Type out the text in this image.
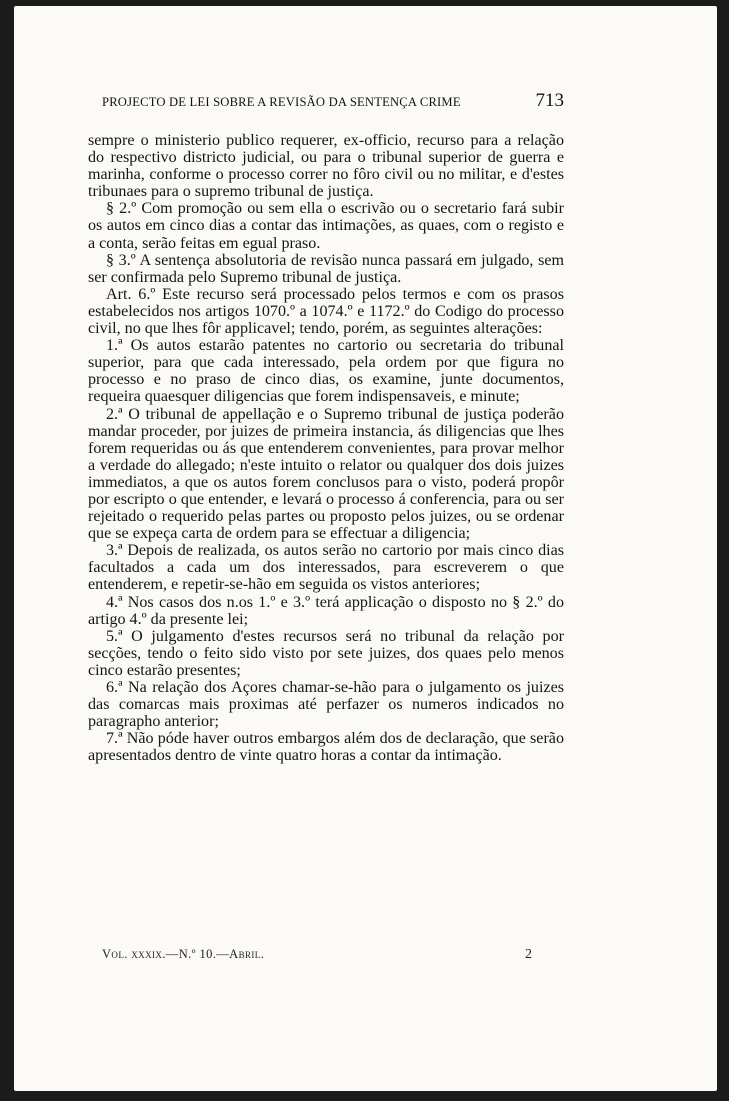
PROJECTO DE LEI SOBRE A REVISÃO DA SENTENÇA CRIME	713

sempre o ministerio publico requerer, ex-officio, recurso para a relação do respectivo districto judicial, ou para o tribunal superior de guerra e marinha, conforme o processo correr no fôro civil ou no militar, e d'estes tribunaes para o supremo tribunal de justiça.

§ 2.º Com promoção ou sem ella o escrivão ou o secretario fará subir os autos em cinco dias a contar das intimações, as quaes, com o registo e a conta, serão feitas em egual praso.

§ 3.º A sentença absolutoria de revisão nunca passará em julgado, sem ser confirmada pelo Supremo tribunal de justiça.

Art. 6.º Este recurso será processado pelos termos e com os prasos estabelecidos nos artigos 1070.º a 1074.º e 1172.º do Codigo do processo civil, no que lhes fôr applicavel; tendo, porém, as seguintes alterações:

1.ª Os autos estarão patentes no cartorio ou secretaria do tribunal superior, para que cada interessado, pela ordem por que figura no processo e no praso de cinco dias, os examine, junte documentos, requeira quaesquer diligencias que forem indispensaveis, e minute;

2.ª O tribunal de appellação e o Supremo tribunal de justiça poderão mandar proceder, por juizes de primeira instancia, ás diligencias que lhes forem requeridas ou ás que entenderem convenientes, para provar melhor a verdade do allegado; n'este intuito o relator ou qualquer dos dois juizes immediatos, a que os autos forem conclusos para o visto, poderá propôr por escripto o que entender, e levará o processo á conferencia, para ou ser rejeitado o requerido pelas partes ou proposto pelos juizes, ou se ordenar que se expeça carta de ordem para se effectuar a diligencia;

3.ª Depois de realizada, os autos serão no cartorio por mais cinco dias facultados a cada um dos interessados, para escreverem o que entenderem, e repetir-se-hão em seguida os vistos anteriores;

4.ª Nos casos dos n.os 1.º e 3.º terá applicação o disposto no § 2.º do artigo 4.º da presente lei;

5.ª O julgamento d'estes recursos será no tribunal da relação por secções, tendo o feito sido visto por sete juizes, dos quaes pelo menos cinco estarão presentes;

6.ª Na relação dos Açores chamar-se-hão para o julgamento os juizes das comarcas mais proximas até perfazer os numeros indicados no paragrapho anterior;

7.ª Não póde haver outros embargos além dos de declaração, que serão apresentados dentro de vinte quatro horas a contar da intimação.

Vol. xxxix.—N.º 10.—Abril.	2
